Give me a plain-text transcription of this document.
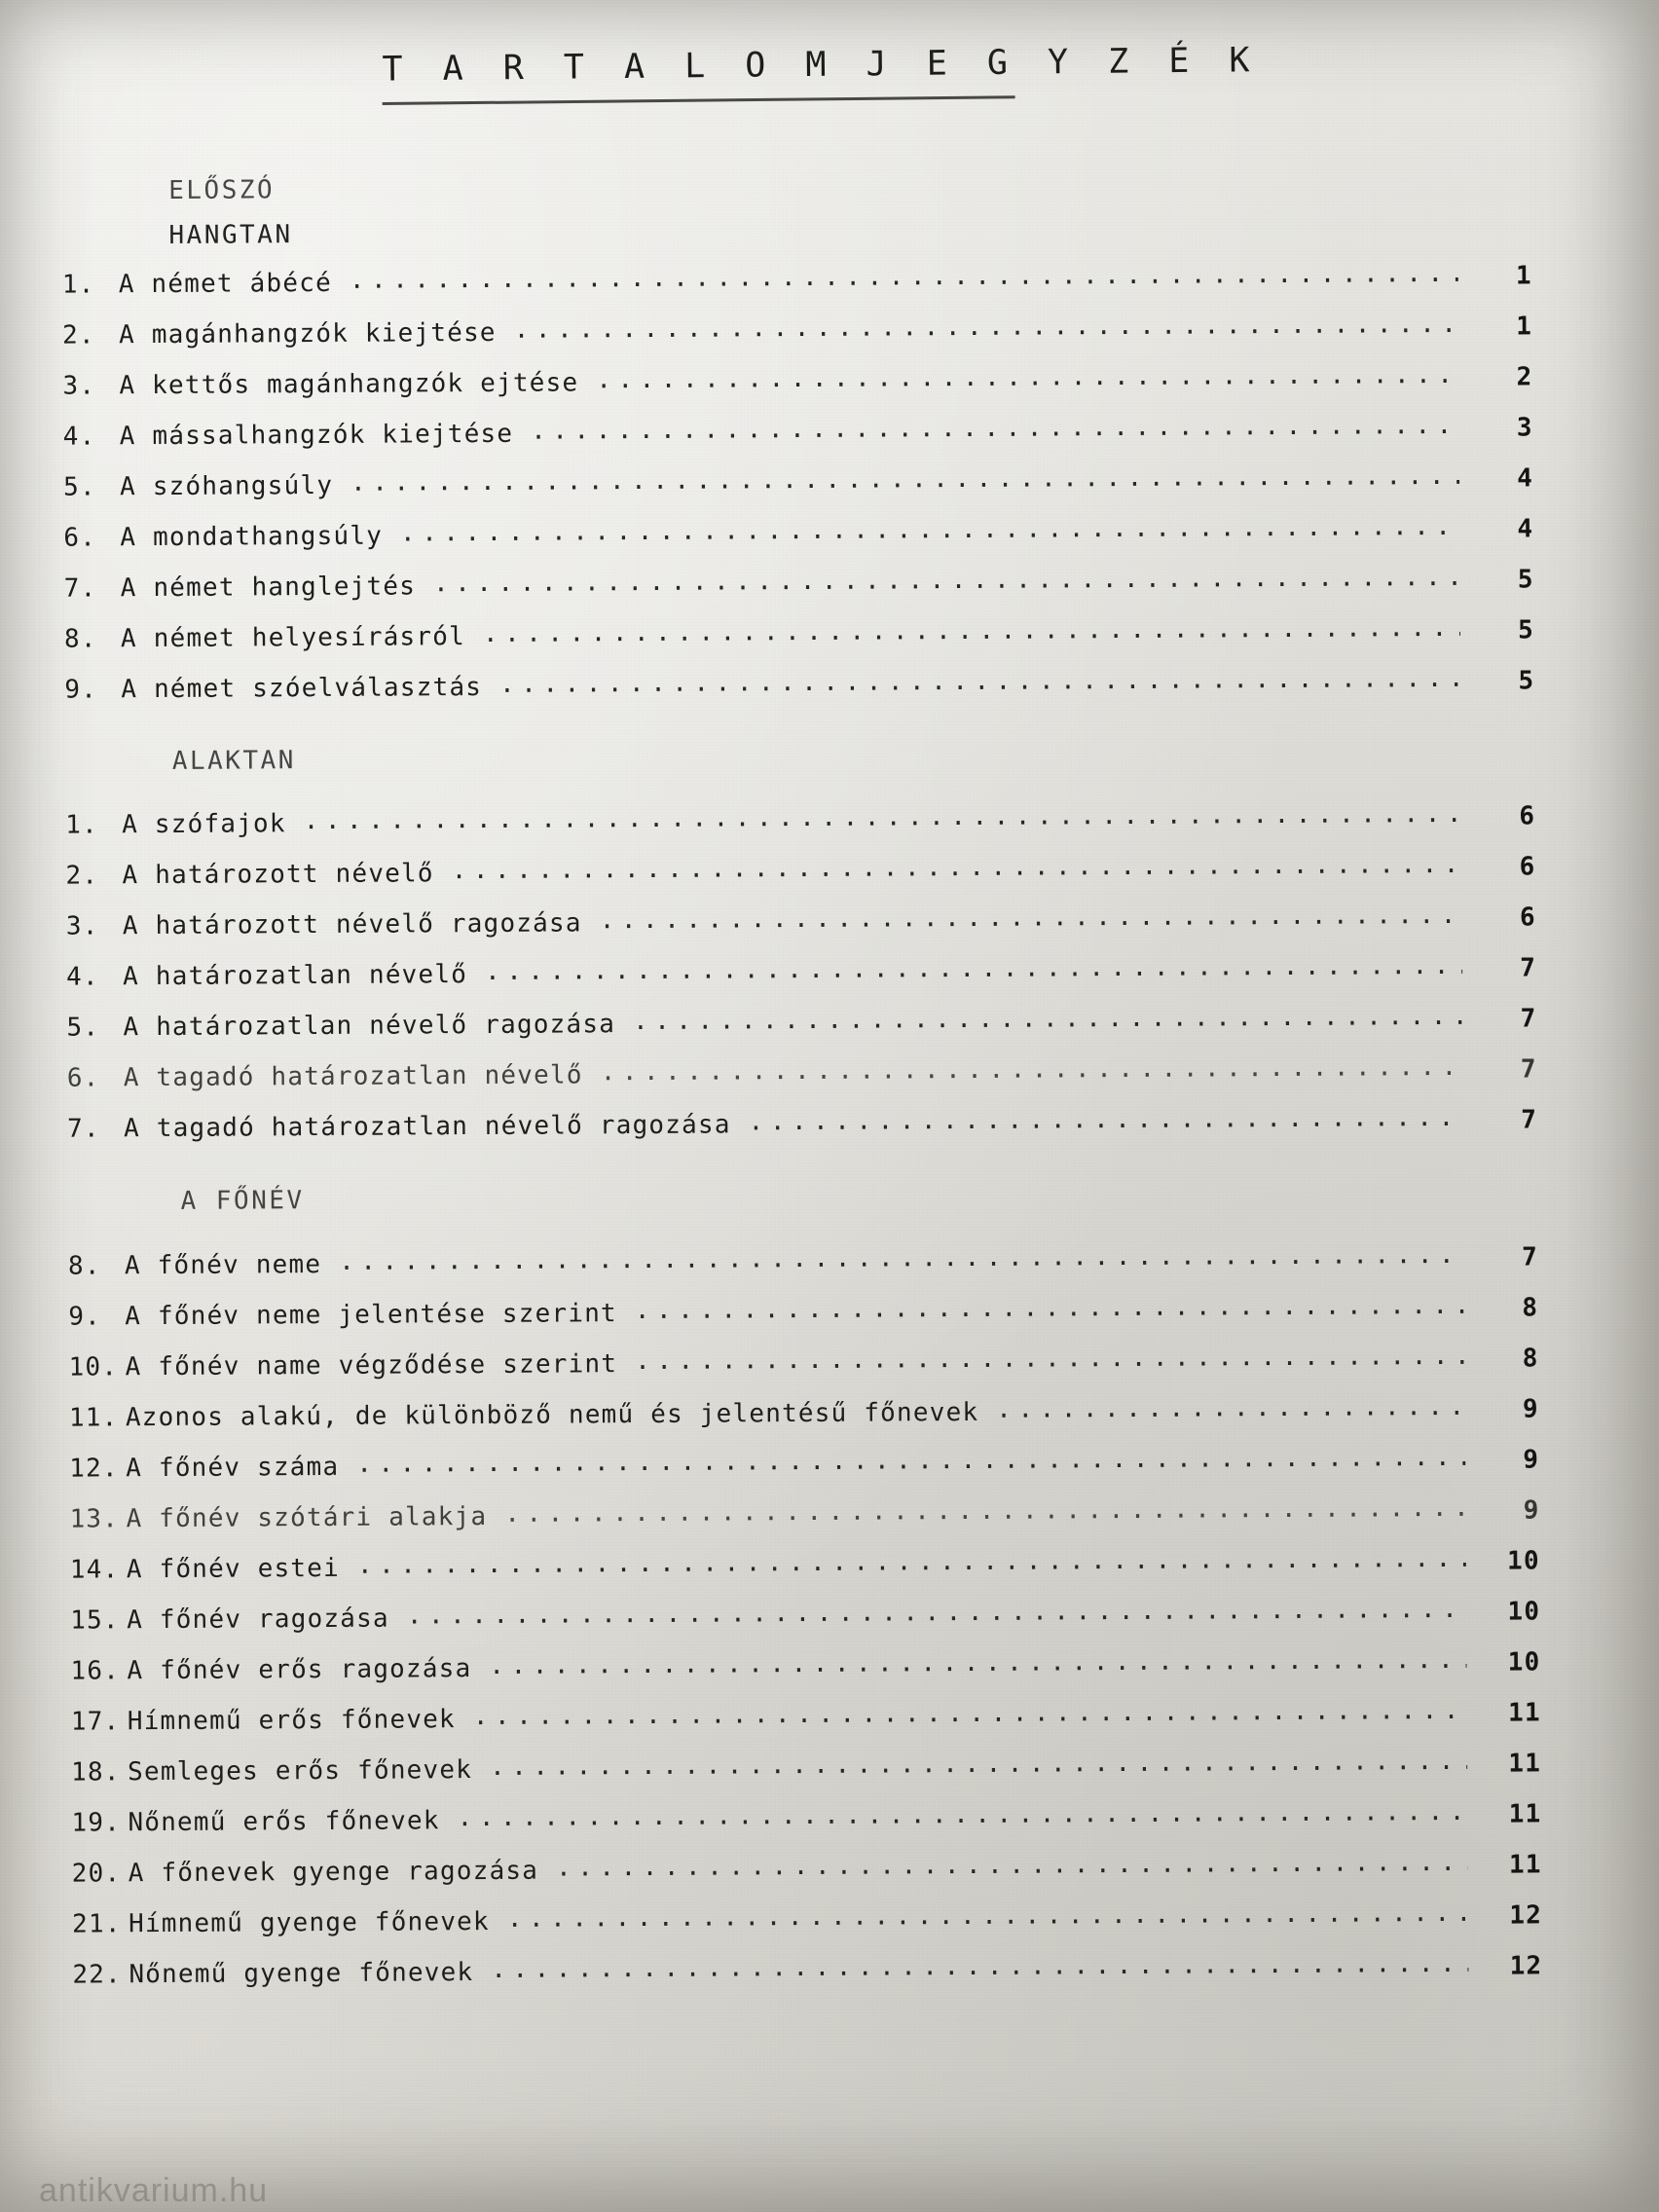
T A R T A L O M J E G Y Z É K
ELŐSZÓ
HANGTAN
1. A német ábécé .....	1
2. A magánhangzók kiejtése .....	1
3. A kettős magánhangzók ejtése .....	2
4. A mássalhangzók kiejtése .....	3
5. A szóhangsúly .....	4
6. A mondathangsúly .....	4
7. A német hanglejtés .....	5
8. A német helyesírásról .....	5
9. A német szóelválasztás .....	5
ALAKTAN
1. A szófajok .....	6
2. A határozott névelő .....	6
3. A határozott névelő ragozása .....	6
4. A határozatlan névelő .....	7
5. A határozatlan névelő ragozása .....	7
6. A tagadó határozatlan névelő .....	7
7. A tagadó határozatlan névelő ragozása .....	7
A FŐNÉV
8. A főnév neme .....	7
9. A főnév neme jelentése szerint .....	8
10. A főnév name végződése szerint .....	8
11. Azonos alakú, de különböző nemű és jelentésű főnevek .....	9
12. A főnév száma .....	9
13. A főnév szótári alakja .....	9
14. A főnév estei .....	10
15. A főnév ragozása .....	10
16. A főnév erős ragozása .....	10
17. Hímnemű erős főnevek .....	11
18. Semleges erős főnevek .....	11
19. Nőnemű erős főnevek .....	11
20. A főnevek gyenge ragozása .....	11
21. Hímnemű gyenge főnevek .....	12
22. Nőnemű gyenge főnevek .....	12
antikvarium.hu
